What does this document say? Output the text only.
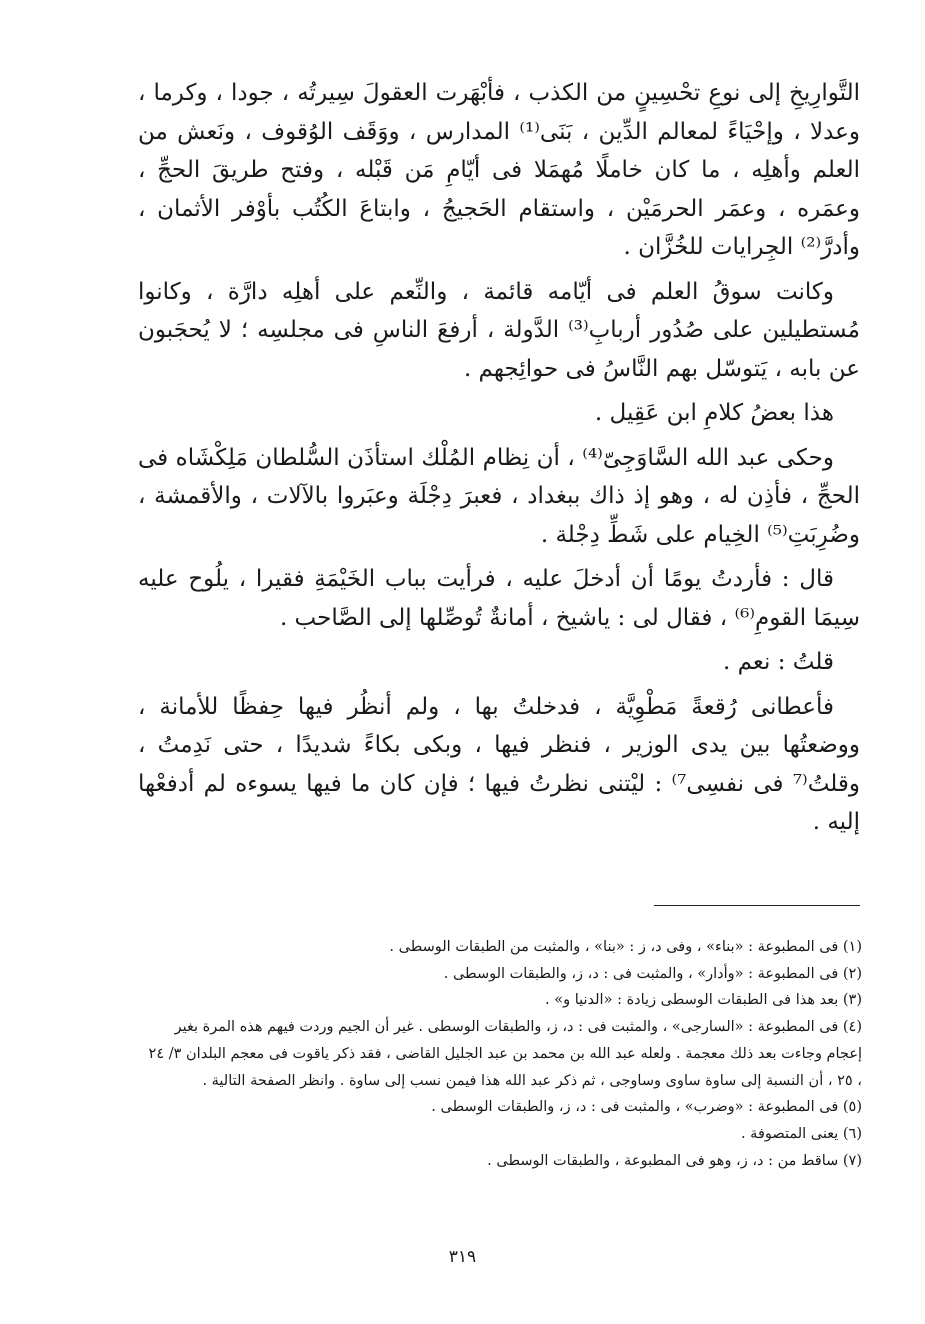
التَّوارِيخِ إلى نوعِ تحْسِينٍ من الكذب ، فأبْهَرت العقولَ سِيرتُه ، جودا ، وكرما ، وعدلا ، وإحْيَاءً لمعالم الدِّين ، بَنَى⁽¹⁾ المدارس ، ووَقَف الوُقوف ، ونَعش من العلم وأهلِه ، ما كان خاملًا مُهمَلا فى أيّامِ مَن قَبْله ، وفتح طريقَ الحجِّ ، وعمَره ، وعمَر الحرمَيْن ، واستقام الحَجيجُ ، وابتاعَ الكُتُب بأوْفر الأثمان ، وأدرَّ⁽²⁾ الجِرايات للخُزَّان .

وكانت سوقُ العلم فى أيّامه قائمة ، والنِّعم على أهلِه دارَّة ، وكانوا مُستطيلين على صُدُور أربابِ⁽³⁾ الدَّولة ، أرفعَ الناسِ فى مجلسِه ؛ لا يُحجَبون عن بابه ، يَتوسّل بهم النَّاسُ فى حوائِجهم .

هذا بعضُ كلامِ ابن عَقِيل .

وحكى عبد الله السَّاوَجِىّ⁽⁴⁾ ، أن نِظام المُلْك استأذَن السُّلطان مَلِكْشَاه فى الحجِّ ، فأذِن له ، وهو إذ ذاك ببغداد ، فعبرَ دِجْلَة وعبَروا بالآلات ، والأقمشة ، وضُرِبَتِ⁽⁵⁾ الخِيام على شَطِّ دِجْلة .

قال : فأردتُ يومًا أن أدخلَ عليه ، فرأيت بباب الخَيْمَةِ فقيرا ، يلُوح عليه سِيمَا القومِ⁽⁶⁾ ، فقال لى : ياشيخ ، أمانةٌ تُوصِّلها إلى الصَّاحب .

قلتُ : نعم .

فأعطانى رُقعةً مَطْوِيَّة ، فدخلتُ بها ، ولم أنظُر فيها حِفظًا للأمانة ، ووضعتُها بين يدى الوزير ، فنظر فيها ، وبكى بكاءً شديدًا ، حتى نَدِمتُ ، وقلتُ⁽⁷ فى نفسِى⁷⁾ : ليْتنى نظرتُ فيها ؛ فإن كان ما فيها يسوءه لم أدفعْها إليه .

(١) فى المطبوعة : «بناء» ، وفى د، ز : «بنا» ، والمثبت من الطبقات الوسطى .

(٢) فى المطبوعة : «وأدار» ، والمثبت فى : د، ز، والطبقات الوسطى .

(٣) بعد هذا فى الطبقات الوسطى زيادة : «الدنيا و» .

(٤) فى المطبوعة : «السارجى» ، والمثبت فى : د، ز، والطبقات الوسطى . غير أن الجيم وردت فيهم هذه المرة بغير إعجام وجاءت بعد ذلك معجمة . ولعله عبد الله بن محمد بن عبد الجليل القاضى ، فقد ذكر ياقوت فى معجم البلدان ٣/ ٢٤ ، ٢٥ ، أن النسبة إلى ساوة ساوى وساوجى ، ثم ذكر عبد الله هذا فيمن نسب إلى ساوة . وانظر الصفحة التالية .

(٥) فى المطبوعة : «وضرب» ، والمثبت فى : د، ز، والطبقات الوسطى .

(٦) يعنى المتصوفة .

(٧) ساقط من : د، ز، وهو فى المطبوعة ، والطبقات الوسطى .

٣١٩
